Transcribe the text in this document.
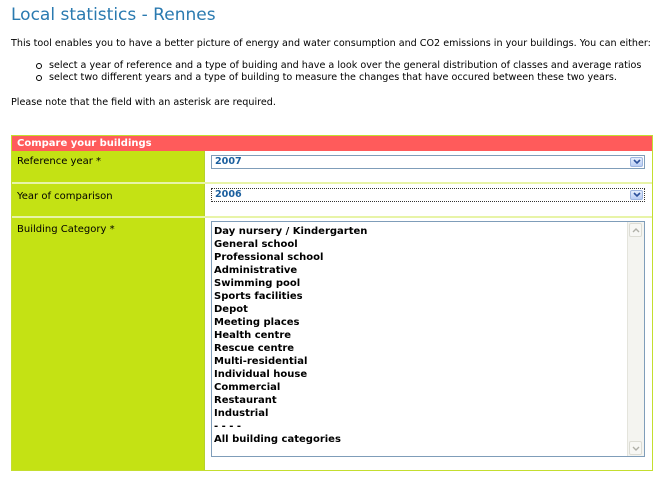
Local statistics - Rennes
This tool enables you to have a better picture of energy and water consumption and CO2 emissions in your buildings. You can either:
select a year of reference and a type of buiding and have a look over the general distribution of classes and average ratios
select two different years and a type of building to measure the changes that have occured between these two years.
Please note that the field with an asterisk are required.
Compare your buildings
Reference year *	2007
Year of comparison	2006
Building Category *	Day nursery / Kindergarten
General school
Professional school
Administrative
Swimming pool
Sports facilities
Depot
Meeting places
Health centre
Rescue centre
Multi-residential
Individual house
Commercial
Restaurant
Industrial
- - - -
All building categories
